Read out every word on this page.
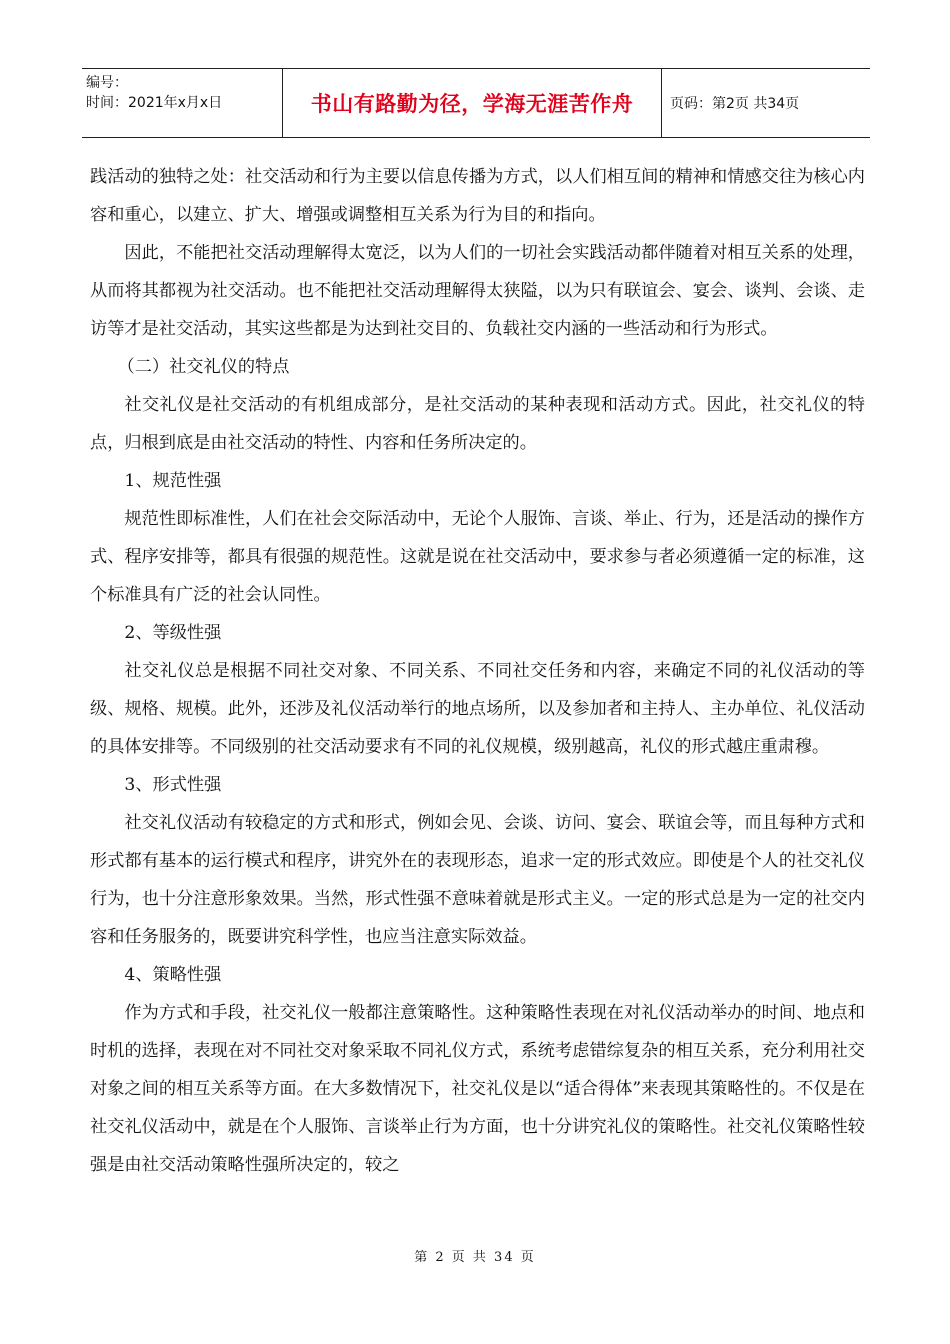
编号：
时间：2021年x月x日	书山有路勤为径，学海无涯苦作舟	页码：第2页 共34页

践活动的独特之处：社交活动和行为主要以信息传播为方式，以人们相互间的精神和情感交往为核心内容和重心，以建立、扩大、增强或调整相互关系为行为目的和指向。

因此，不能把社交活动理解得太宽泛，以为人们的一切社会实践活动都伴随着对相互关系的处理，从而将其都视为社交活动。也不能把社交活动理解得太狭隘，以为只有联谊会、宴会、谈判、会谈、走访等才是社交活动，其实这些都是为达到社交目的、负载社交内涵的一些活动和行为形式。

（二）社交礼仪的特点

社交礼仪是社交活动的有机组成部分，是社交活动的某种表现和活动方式。因此，社交礼仪的特点，归根到底是由社交活动的特性、内容和任务所决定的。

1、规范性强

规范性即标准性，人们在社会交际活动中，无论个人服饰、言谈、举止、行为，还是活动的操作方式、程序安排等，都具有很强的规范性。这就是说在社交活动中，要求参与者必须遵循一定的标准，这个标准具有广泛的社会认同性。

2、等级性强

社交礼仪总是根据不同社交对象、不同关系、不同社交任务和内容，来确定不同的礼仪活动的等级、规格、规模。此外，还涉及礼仪活动举行的地点场所，以及参加者和主持人、主办单位、礼仪活动的具体安排等。不同级别的社交活动要求有不同的礼仪规模，级别越高，礼仪的形式越庄重肃穆。

3、形式性强

社交礼仪活动有较稳定的方式和形式，例如会见、会谈、访问、宴会、联谊会等，而且每种方式和形式都有基本的运行模式和程序，讲究外在的表现形态，追求一定的形式效应。即使是个人的社交礼仪行为，也十分注意形象效果。当然，形式性强不意味着就是形式主义。一定的形式总是为一定的社交内容和任务服务的，既要讲究科学性，也应当注意实际效益。

4、策略性强

作为方式和手段，社交礼仪一般都注意策略性。这种策略性表现在对礼仪活动举办的时间、地点和时机的选择，表现在对不同社交对象采取不同礼仪方式，系统考虑错综复杂的相互关系，充分利用社交对象之间的相互关系等方面。在大多数情况下，社交礼仪是以“适合得体”来表现其策略性的。不仅是在社交礼仪活动中，就是在个人服饰、言谈举止行为方面，也十分讲究礼仪的策略性。社交礼仪策略性较强是由社交活动策略性强所决定的，较之

第 2 页 共 34 页
